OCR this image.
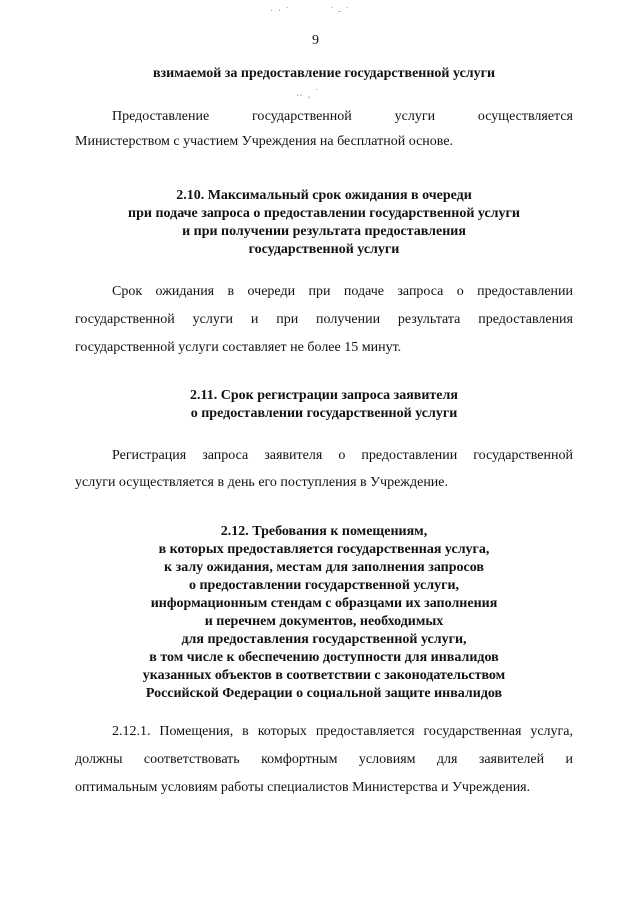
9
· ‧ ˙	˙ ‑ ˙
‥ ¸ ˙
взимаемой за предоставление государственной услуги
Предоставление государственной услуги осуществляется
Министерством с участием Учреждения на бесплатной основе.
2.10. Максимальный срок ожидания в очереди
при подаче запроса о предоставлении государственной услуги
и при получении результата предоставления
государственной услуги
Срок ожидания в очереди при подаче запроса о предоставлении
государственной услуги и при получении результата предоставления
государственной услуги составляет не более 15 минут.
2.11. Срок регистрации запроса заявителя
о предоставлении государственной услуги
Регистрация запроса заявителя о предоставлении государственной
услуги осуществляется в день его поступления в Учреждение.
2.12. Требования к помещениям,
в которых предоставляется государственная услуга,
к залу ожидания, местам для заполнения запросов
о предоставлении государственной услуги,
информационным стендам с образцами их заполнения
и перечнем документов, необходимых
для предоставления государственной услуги,
в том числе к обеспечению доступности для инвалидов
указанных объектов в соответствии с законодательством
Российской Федерации о социальной защите инвалидов
2.12.1. Помещения, в которых предоставляется государственная услуга,
должны соответствовать комфортным условиям для заявителей и
оптимальным условиям работы специалистов Министерства и Учреждения.
